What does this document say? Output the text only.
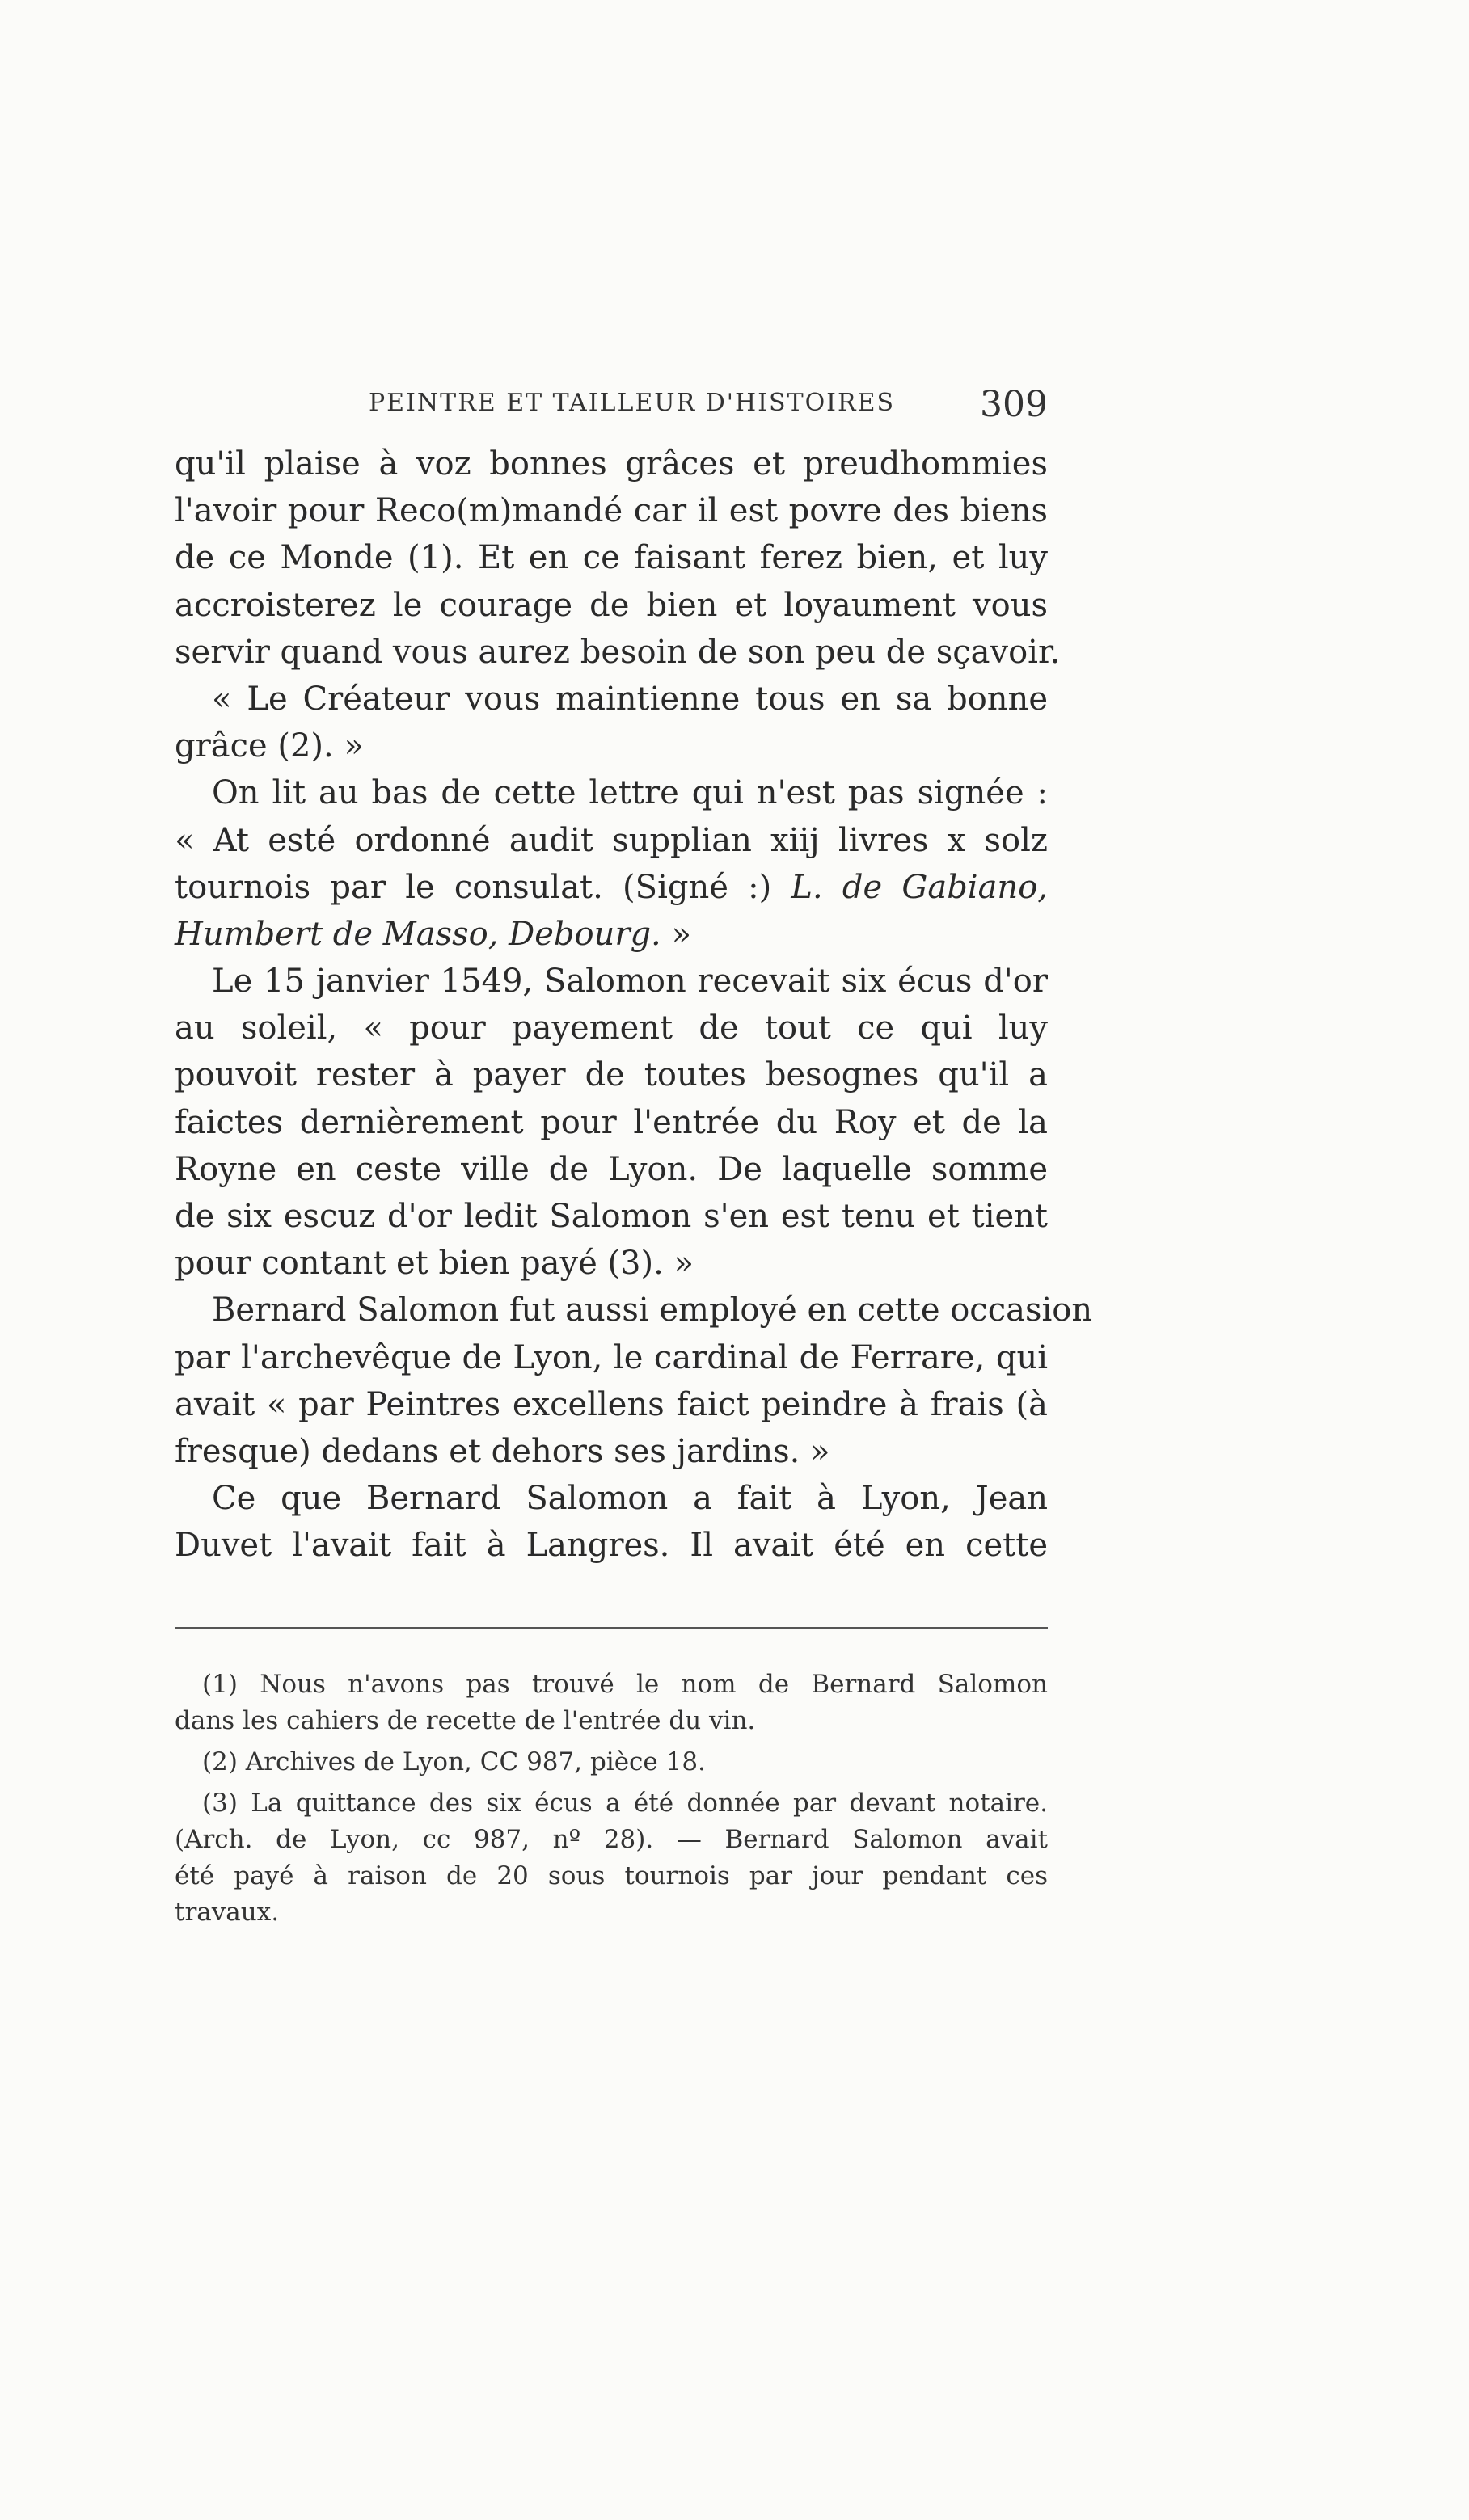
PEINTRE ET TAILLEUR D'HISTOIRES 309
qu'il plaise à voz bonnes grâces et preudhommies
l'avoir pour Reco(m)mandé car il est povre des biens
de ce Monde (1). Et en ce faisant ferez bien, et luy
accroisterez le courage de bien et loyaument vous
servir quand vous aurez besoin de son peu de sçavoir.
« Le Créateur vous maintienne tous en sa bonne
grâce (2). »
On lit au bas de cette lettre qui n'est pas signée :
« At esté ordonné audit supplian xiij livres x solz
tournois par le consulat. (Signé :) L. de Gabiano,
Humbert de Masso, Debourg. »
Le 15 janvier 1549, Salomon recevait six écus d'or
au soleil, « pour payement de tout ce qui luy
pouvoit rester à payer de toutes besognes qu'il a
faictes dernièrement pour l'entrée du Roy et de la
Royne en ceste ville de Lyon. De laquelle somme
de six escuz d'or ledit Salomon s'en est tenu et tient
pour contant et bien payé (3). »
Bernard Salomon fut aussi employé en cette occasion
par l'archevêque de Lyon, le cardinal de Ferrare, qui
avait « par Peintres excellens faict peindre à frais (à
fresque) dedans et dehors ses jardins. »
Ce que Bernard Salomon a fait à Lyon, Jean
Duvet l'avait fait à Langres. Il avait été en cette
(1) Nous n'avons pas trouvé le nom de Bernard Salomon
dans les cahiers de recette de l'entrée du vin.
(2) Archives de Lyon, CC 987, pièce 18.
(3) La quittance des six écus a été donnée par devant notaire.
(Arch. de Lyon, cc 987, nº 28). — Bernard Salomon avait
été payé à raison de 20 sous tournois par jour pendant ces
travaux.
